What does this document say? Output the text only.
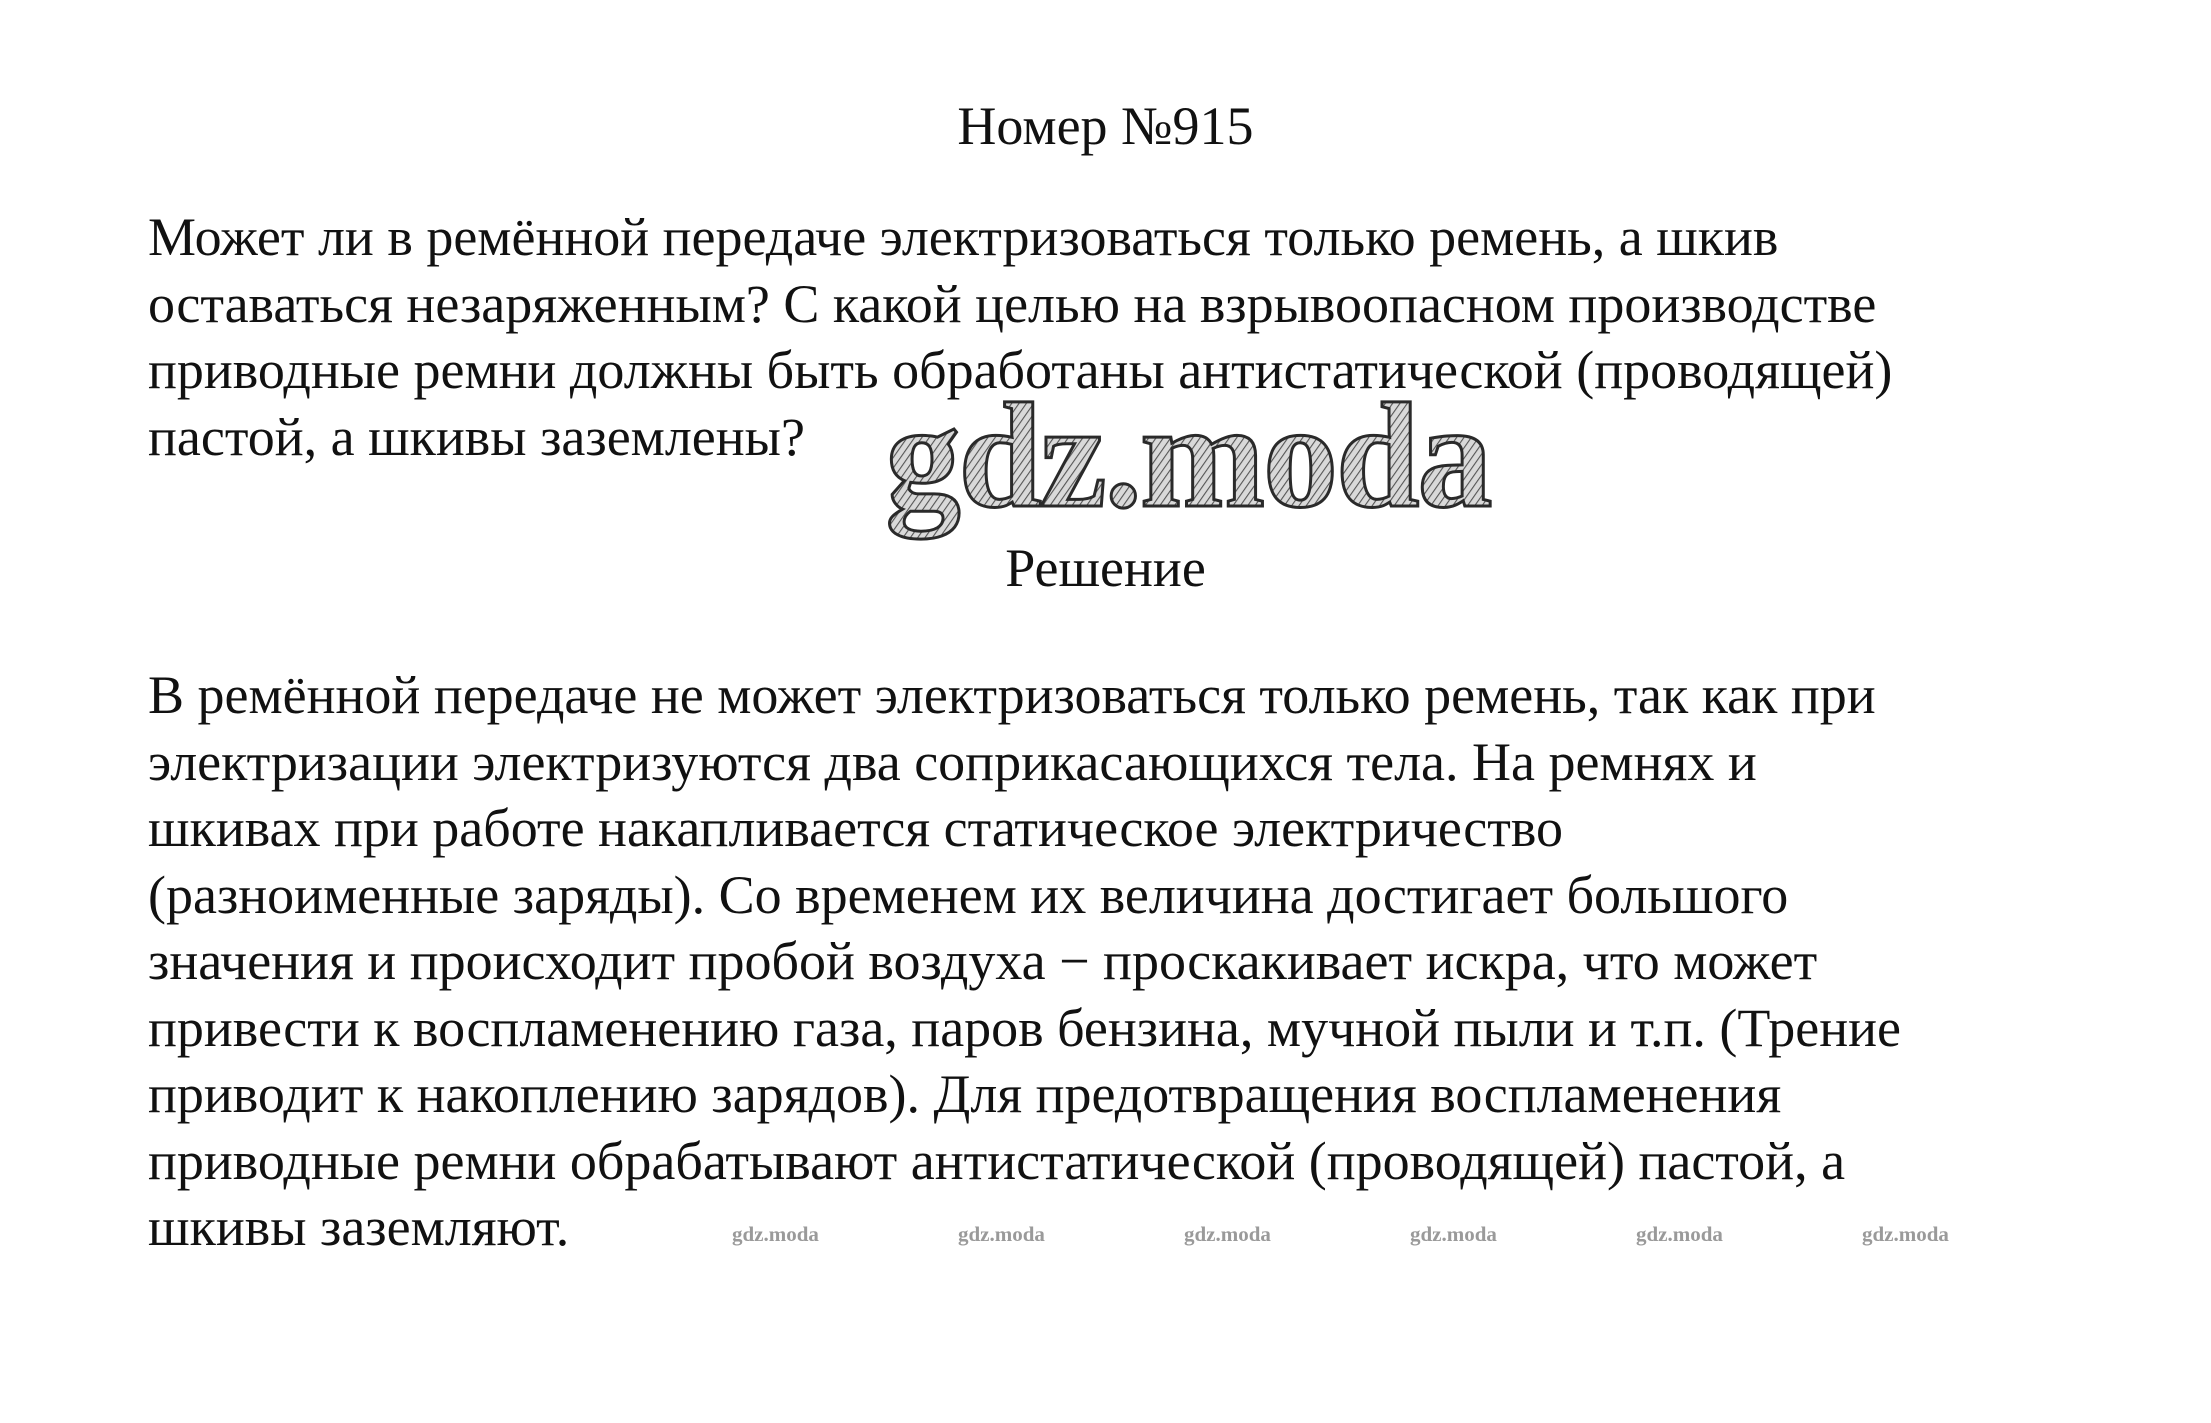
Номер №915
Может ли в ремённой передаче электризоваться только ремень, а шкив
оставаться незаряженным? С какой целью на взрывоопасном производстве
приводные ремни должны быть обработаны антистатической (проводящей)
пастой, а шкивы заземлены? gdz.moda
Решение
В ремённой передаче не может электризоваться только ремень, так как при
электризации электризуются два соприкасающихся тела. На ремнях и
шкивах при работе накапливается статическое электричество
(разноименные заряды). Со временем их величина достигает большого
значения и происходит пробой воздуха − проскакивает искра, что может
привести к воспламенению газа, паров бензина, мучной пыли и т.п. (Трение
приводит к накоплению зарядов). Для предотвращения воспламенения
приводные ремни обрабатывают антистатической (проводящей) пастой, а
шкивы заземляют.	gdz.moda	gdz.moda	gdz.moda	gdz.moda	gdz.moda	gdz.moda
